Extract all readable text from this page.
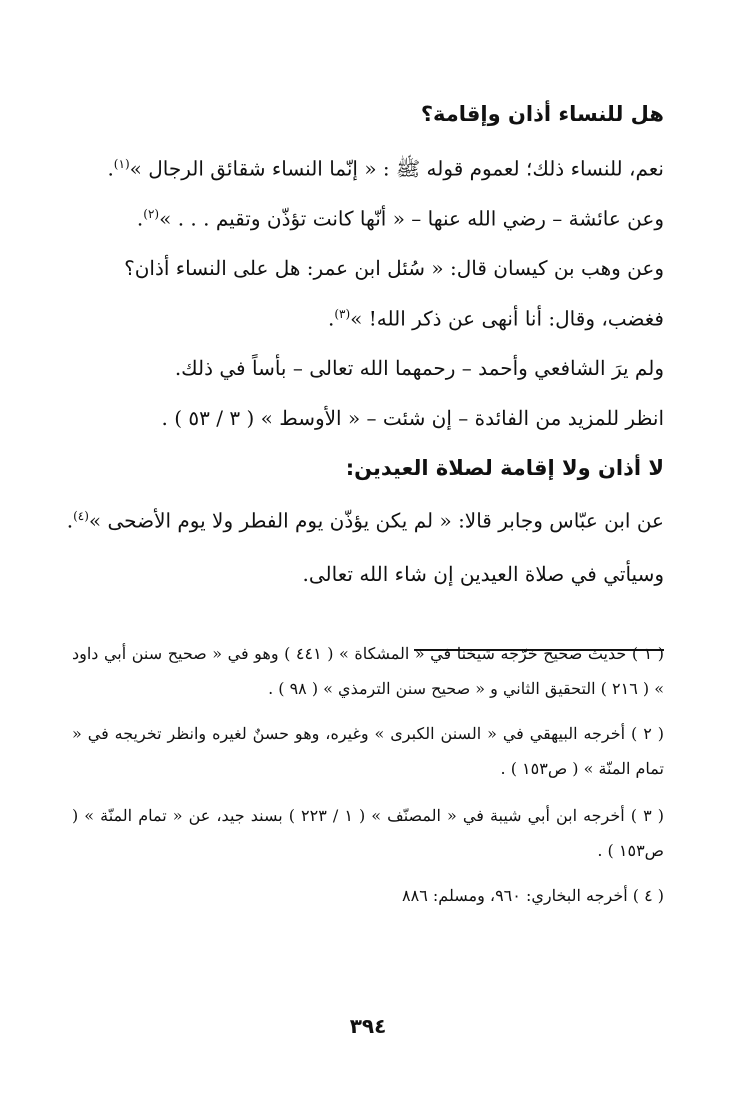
هل للنساء أذان وإقامة؟

نعم، للنساء ذلك؛ لعموم قوله ﷺ : « إنّما النساء شقائق الرجال »$^{(١)}$.

وعن عائشة – رضي الله عنها – « أنّها كانت تؤذّن وتقيم . . . »$^{(٢)}$.

وعن وهب بن كيسان قال: « سُئل ابن عمر: هل على النساء أذان؟

فغضب، وقال: أنا أنهى عن ذكر الله! »$^{(٣)}$.

ولم يرَ الشافعي وأحمد – رحمهما الله تعالى – بأساً في ذلك.

انظر للمزيد من الفائدة – إن شئت – « الأوسط » ( ٣ / ٥٣ ) .

لا أذان ولا إقامة لصلاة العيدين:

عن ابن عبّاس وجابر قالا: « لم يكن يؤذّن يوم الفطر ولا يوم الأضحى »$^{(٤)}$.

وسيأتي في صلاة العيدين إن شاء الله تعالى.

( ١ ) حديث صحيح خرّجه شيخنا في « المشكاة » ( ٤٤١ ) وهو في « صحيح سنن أبي داود » ( ٢١٦ ) التحقيق الثاني و « صحيح سنن الترمذي » ( ٩٨ ) .

( ٢ ) أخرجه البيهقي في « السنن الكبرى » وغيره، وهو حسنٌ لغيره وانظر تخريجه في « تمام المنّة » ( ص١٥٣ ) .

( ٣ ) أخرجه ابن أبي شيبة في « المصنّف » ( ١ / ٢٢٣ ) بسند جيد، عن « تمام المنّة » ( ص١٥٣ ) .

( ٤ ) أخرجه البخاري: ٩٦٠، ومسلم: ٨٨٦

٣٩٤
